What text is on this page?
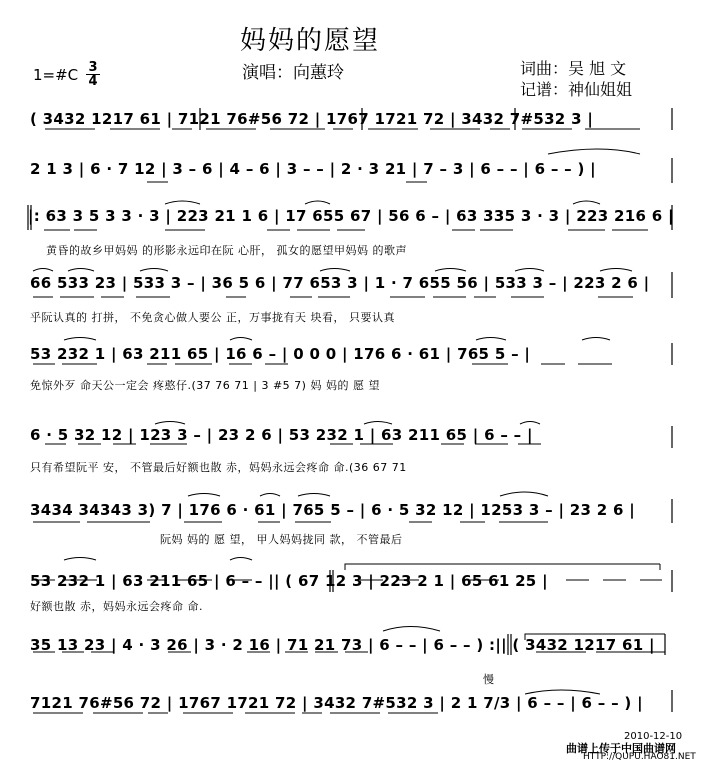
妈妈的愿望
演唱：向蕙玲	词曲：吴 旭 文
记谱：神仙姐姐
1=#C 3
4
( 3432 1217 61 | 7121 76#56 72 | 1767 1721 72 | 3432 7#532 3 |
2 1 3 | 6 · 7 12 | 3 – 6 | 4 – 6 | 3 – – | 2 · 3 21 | 7 – 3 | 6 – – | 6 – – ) |
|: 63 3 5 3 3 · 3 | 223 21 1 6 | 17 655 67 | 56 6 – | 63 335 3 · 3 | 223 216 6 |
黄昏的故乡甲妈妈 的形影永远印在阮 心肝， 孤女的愿望甲妈妈 的歌声
66 533 23 | 533 3 – | 36 5 6 | 77 653 3 | 1 · 7 655 56 | 533 3 – | 223 2 6 |
乎阮认真的 打拼， 不免贪心做人要公 正，万事拢有天 块看， 只要认真
53 232 1 | 63 211 65 | 16 6 – | 0 0 0 | 176 6 · 61 | 765 5 – |
免惊外歹 命天公一定会 疼憨仔.(37 76 71 | 3 #5 7) 妈 妈的 愿 望
6 · 5 32 12 | 123 3 – | 23 2 6 | 53 232 1 | 63 211 65 | 6 – – |
只有希望阮平 安， 不管最后好额也散 赤，妈妈永远会疼命 命.(36 67 71
3434 34343 3) 7 | 176 6 · 61 | 765 5 – | 6 · 5 32 12 | 1253 3 – | 23 2 6 |
阮妈 妈的 愿 望， 甲人妈妈拢同 款， 不管最后
53 232 1 | 63 211 65 | 6 – – || ( 67 12 3 | 223 2 1 | 65 61 25 |
好额也散 赤，妈妈永远会疼命 命.
35 13 23 | 4 · 3 26 | 3 · 2 16 | 71 21 73 | 6 – – | 6 – – ) :|| ( 3432 1217 61 |
慢
7121 76#56 72 | 1767 1721 72 | 3432 7#532 3 | 2 1 7/3 | 6 – – | 6 – – ) |
2010-12-10
曲谱上传于中国曲谱网
HTTP://QUPU.HAO81.NET
